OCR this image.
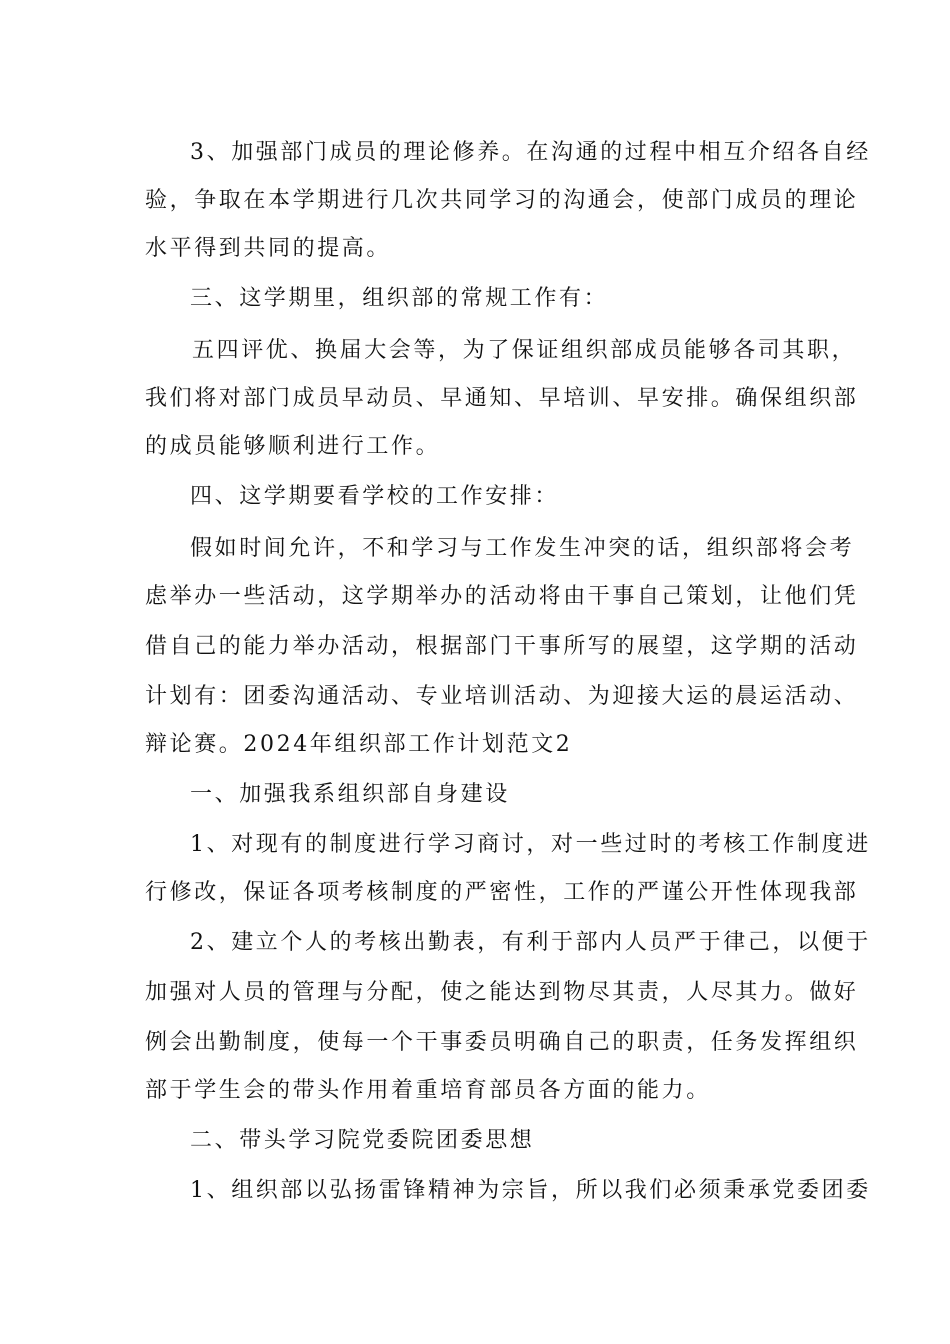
3、加强部门成员的理论修养。在沟通的过程中相互介绍各自经
验，争取在本学期进行几次共同学习的沟通会，使部门成员的理论
水平得到共同的提高。
三、这学期里，组织部的常规工作有：
五四评优、换届大会等，为了保证组织部成员能够各司其职，
我们将对部门成员早动员、早通知、早培训、早安排。确保组织部
的成员能够顺利进行工作。
四、这学期要看学校的工作安排：
假如时间允许，不和学习与工作发生冲突的话，组织部将会考
虑举办一些活动，这学期举办的活动将由干事自己策划，让他们凭
借自己的能力举办活动，根据部门干事所写的展望，这学期的活动
计划有：团委沟通活动、专业培训活动、为迎接大运的晨运活动、
辩论赛。2024年组织部工作计划范文2
一、加强我系组织部自身建设
1、对现有的制度进行学习商讨，对一些过时的考核工作制度进
行修改，保证各项考核制度的严密性，工作的严谨公开性体现我部
2、建立个人的考核出勤表，有利于部内人员严于律己，以便于
加强对人员的管理与分配，使之能达到物尽其责，人尽其力。做好
例会出勤制度，使每一个干事委员明确自己的职责，任务发挥组织
部于学生会的带头作用着重培育部员各方面的能力。
二、带头学习院党委院团委思想
1、组织部以弘扬雷锋精神为宗旨，所以我们必须秉承党委团委
